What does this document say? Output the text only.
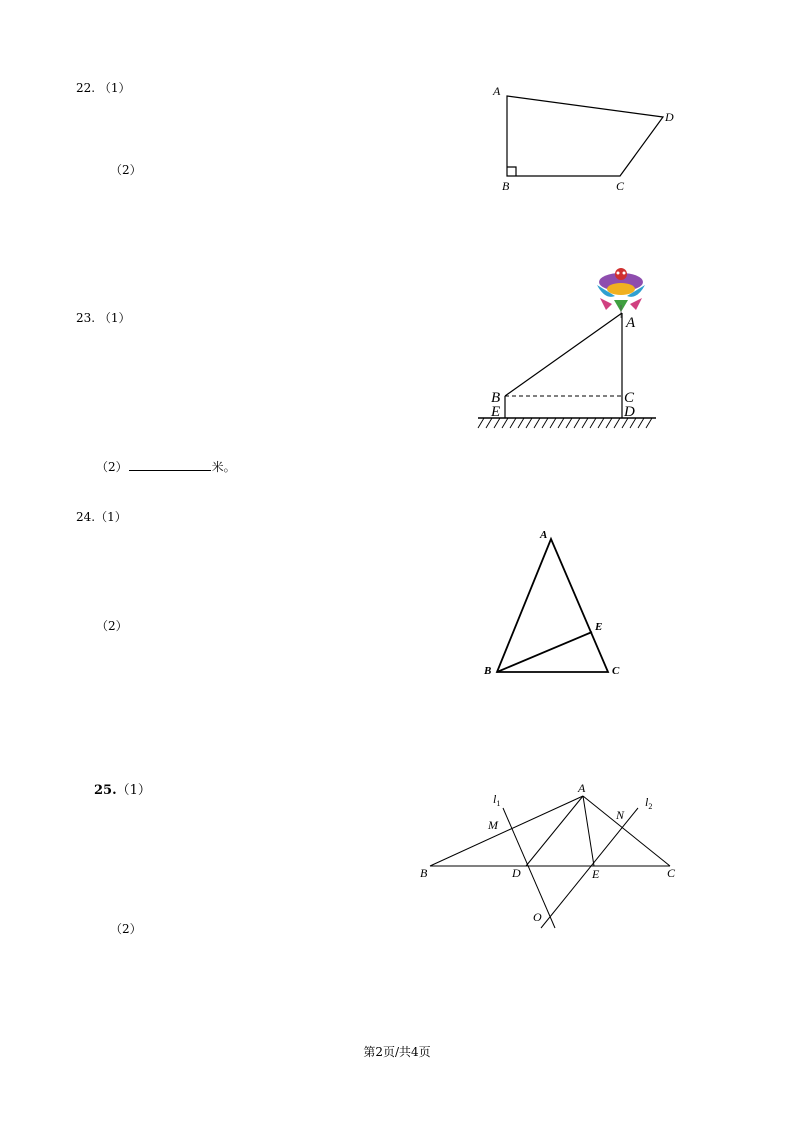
22. （1）
（2）
23. （1）
（2）	米。
24.（1）
（2）
25.（1）
（2）
A
D
B	C
A
B	C
E	D
A
E
B	C
A
B	C
D	E
M
N
O
$l_1$	$l_2$
第2页/共4页
